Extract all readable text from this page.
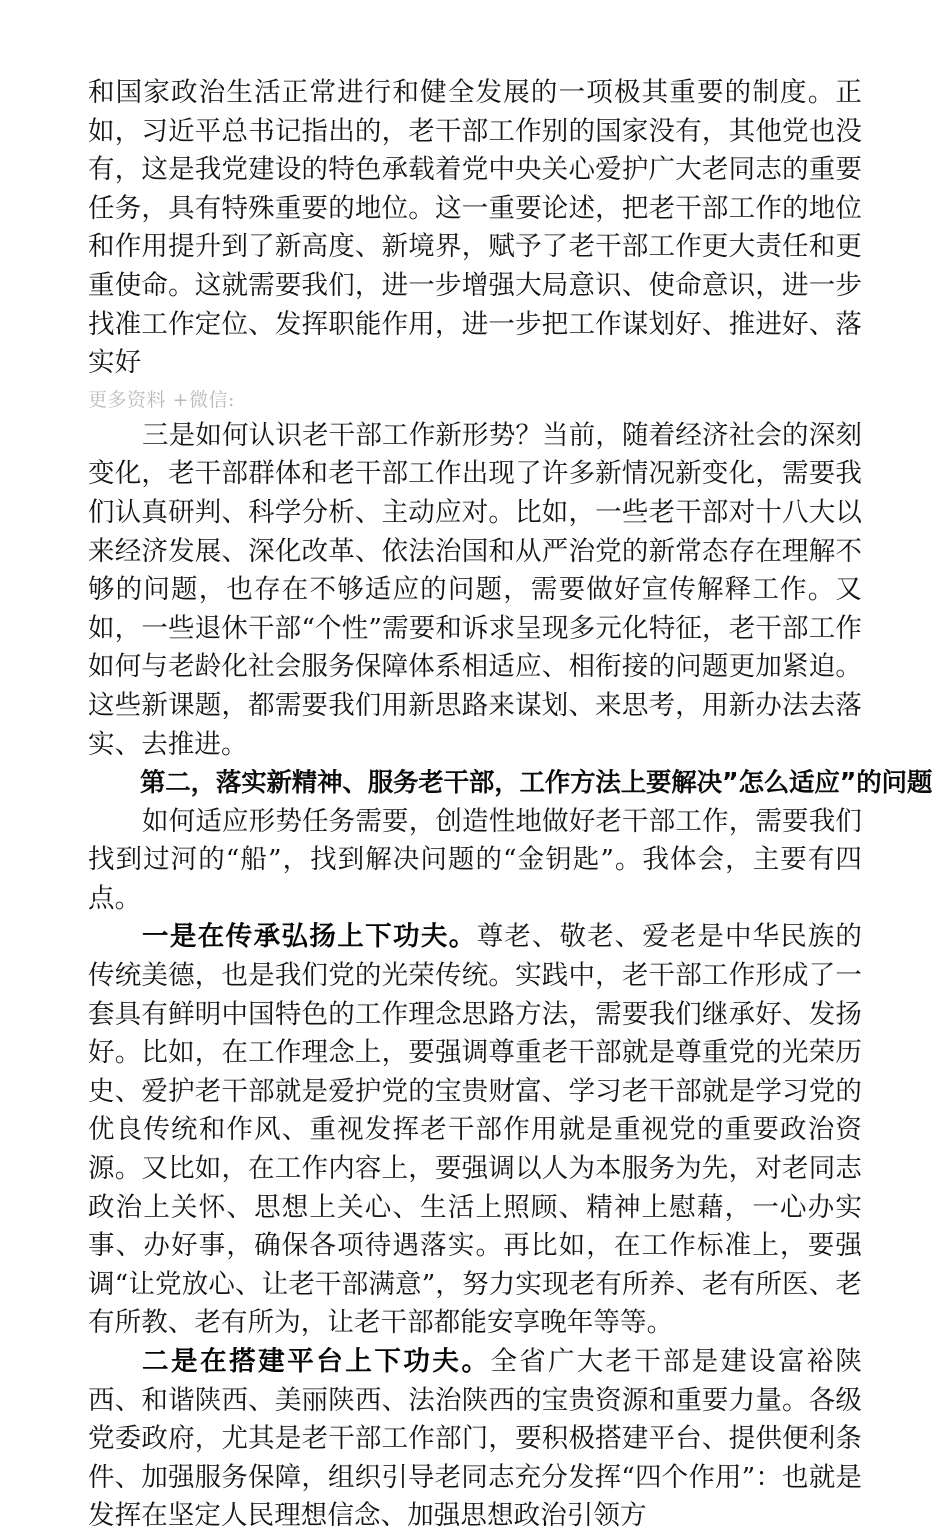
和国家政治生活正常进行和健全发展的一项极其重要的制度。正如，习近平总书记指出的，老干部工作别的国家没有，其他党也没有，这是我党建设的特色承载着党中央关心爱护广大老同志的重要任务，具有特殊重要的地位。这一重要论述，把老干部工作的地位和作用提升到了新高度、新境界，赋予了老干部工作更大责任和更重使命。这就需要我们，进一步增强大局意识、使命意识，进一步找准工作定位、发挥职能作用，进一步把工作谋划好、推进好、落实好

更多资料 +微信:

三是如何认识老干部工作新形势？当前，随着经济社会的深刻变化，老干部群体和老干部工作出现了许多新情况新变化，需要我们认真研判、科学分析、主动应对。比如，一些老干部对十八大以来经济发展、深化改革、依法治国和从严治党的新常态存在理解不够的问题，也存在不够适应的问题，需要做好宣传解释工作。又如，一些退休干部“个性”需要和诉求呈现多元化特征，老干部工作如何与老龄化社会服务保障体系相适应、相衔接的问题更加紧迫。这些新课题，都需要我们用新思路来谋划、来思考，用新办法去落实、去推进。

第二，落实新精神、服务老干部，工作方法上要解决”怎么适应”的问题

如何适应形势任务需要，创造性地做好老干部工作，需要我们找到过河的“船”，找到解决问题的“金钥匙”。我体会，主要有四点。

一是在传承弘扬上下功夫。尊老、敬老、爱老是中华民族的传统美德，也是我们党的光荣传统。实践中，老干部工作形成了一套具有鲜明中国特色的工作理念思路方法，需要我们继承好、发扬好。比如，在工作理念上，要强调尊重老干部就是尊重党的光荣历史、爱护老干部就是爱护党的宝贵财富、学习老干部就是学习党的优良传统和作风、重视发挥老干部作用就是重视党的重要政治资源。又比如，在工作内容上，要强调以人为本服务为先，对老同志政治上关怀、思想上关心、生活上照顾、精神上慰藉，一心办实事、办好事，确保各项待遇落实。再比如，在工作标准上，要强调“让党放心、让老干部满意”，努力实现老有所养、老有所医、老有所教、老有所为，让老干部都能安享晚年等等。

二是在搭建平台上下功夫。全省广大老干部是建设富裕陕西、和谐陕西、美丽陕西、法治陕西的宝贵资源和重要力量。各级党委政府，尤其是老干部工作部门，要积极搭建平台、提供便利条件、加强服务保障，组织引导老同志充分发挥“四个作用”：也就是发挥在坚定人民理想信念、加强思想政治引领方
